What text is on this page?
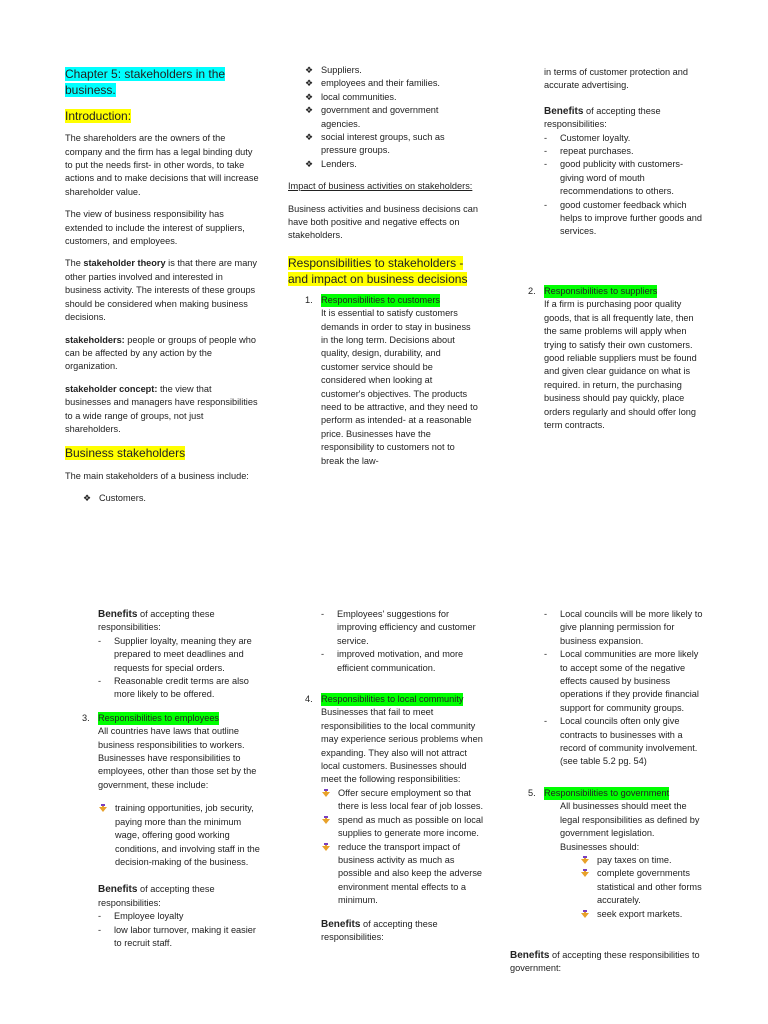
Chapter 5: stakeholders in the business.
Introduction:

The shareholders are the owners of the company and the firm has a legal binding duty to put the needs first- in other words, to take actions and to make decisions that will increase shareholder value.

The view of business responsibility has extended to include the interest of suppliers, customers, and employees.

The stakeholder theory is that there are many other parties involved and interested in business activity. The interests of these groups should be considered when making business decisions.

stakeholders: people or groups of people who can be affected by any action by the organization.

stakeholder concept: the view that businesses and managers have responsibilities to a wide range of groups, not just shareholders.

Business stakeholders

The main stakeholders of a business include:

❖ Customers.
❖ Suppliers.
❖ employees and their families.
❖ local communities.
❖ government and government agencies.
❖ social interest groups, such as pressure groups.
❖ Lenders.

Impact of business activities on stakeholders:

Business activities and business decisions can have both positive and negative effects on stakeholders.

Responsibilities to stakeholders -and impact on business decisions
1. Responsibilities to customers
It is essential to satisfy customers demands in order to stay in business in the long term. Decisions about quality, design, durability, and customer service should be considered when looking at customer's objectives. The products need to be attractive, and they need to perform as intended- at a reasonable price. Businesses have the responsibility to customers not to break the law-

in terms of customer protection and accurate advertising.

Benefits of accepting these responsibilities:
- Customer loyalty.
- repeat purchases.
- good publicity with customers- giving word of mouth recommendations to others.
- good customer feedback which helps to improve further goods and services.
2. Responsibilities to suppliers
If a firm is purchasing poor quality goods, that is all frequently late, then the same problems will apply when trying to satisfy their own customers. good reliable suppliers must be found and given clear guidance on what is required. in return, the purchasing business should pay quickly, place orders regularly and should offer long term contracts.
Benefits of accepting these responsibilities:
- Supplier loyalty, meaning they are prepared to meet deadlines and requests for special orders.
- Reasonable credit terms are also more likely to be offered.
3. Responsibilities to employees
All countries have laws that outline business responsibilities to workers.
Businesses have responsibilities to employees, other than those set by the government, these include:
training opportunities, job security, paying more than the minimum wage, offering good working conditions, and involving staff in the decision-making of the business.
Benefits of accepting these responsibilities:
- Employee loyalty
- low labor turnover, making it easier to recruit staff.
- Employees' suggestions for improving efficiency and customer service.
- improved motivation, and more efficient communication.
4. Responsibilities to local community
Businesses that fail to meet responsibilities to the local community may experience serious problems when expanding. They also will not attract local customers. Businesses should meet the following responsibilities:
Offer secure employment so that there is less local fear of job losses.
spend as much as possible on local supplies to generate more income.
reduce the transport impact of business activity as much as possible and also keep the adverse environment mental effects to a minimum.
Benefits of accepting these responsibilities:
- Local councils will be more likely to give planning permission for business expansion.
- Local communities are more likely to accept some of the negative effects caused by business operations if they provide financial support for community groups.
- Local councils often only give contracts to businesses with a record of community involvement.
(see table 5.2 pg. 54)
5. Responsibilities to government
All businesses should meet the legal responsibilities as defined by government legislation.
Businesses should:
pay taxes on time.
complete governments statistical and other forms accurately.
seek export markets.
Benefits of accepting these responsibilities to government:
